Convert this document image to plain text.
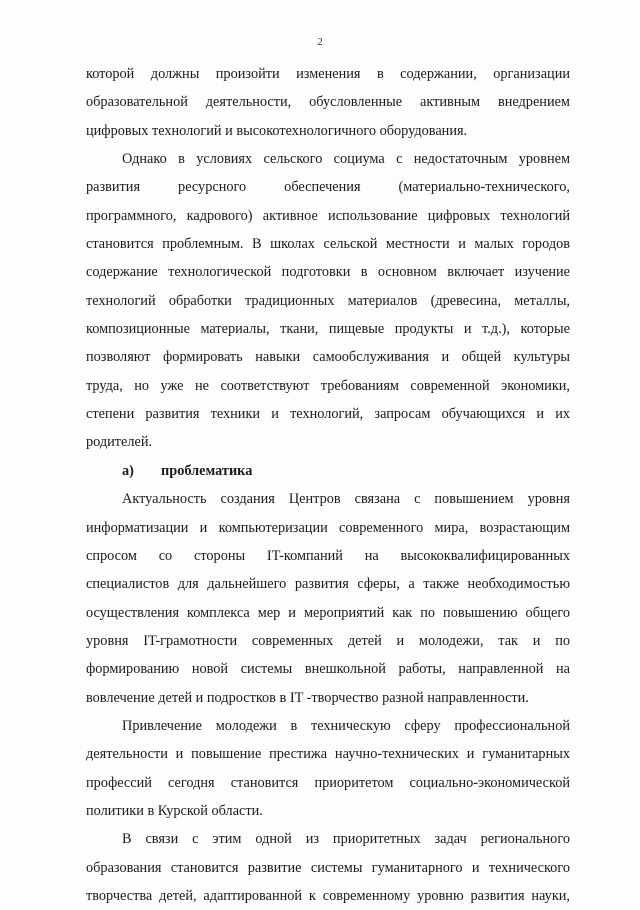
2
которой должны произойти изменения в содержании, организации
образовательной деятельности, обусловленные активным внедрением
цифровых технологий и высокотехнологичного оборудования.
Однако в условиях сельского социума с недостаточным уровнем
развития ресурсного обеспечения (материально-технического,
программного, кадрового) активное использование цифровых технологий
становится проблемным. В школах сельской местности и малых городов
содержание технологической подготовки в основном включает изучение
технологий обработки традиционных материалов (древесина, металлы,
композиционные материалы, ткани, пищевые продукты и т.д.), которые
позволяют формировать навыки самообслуживания и общей культуры
труда, но уже не соответствуют требованиям современной экономики,
степени развития техники и технологий, запросам обучающихся и их
родителей.
а) проблематика
Актуальность создания Центров связана с повышением уровня
информатизации и компьютеризации современного мира, возрастающим
спросом со стороны IT-компаний на высококвалифицированных
специалистов для дальнейшего развития сферы, а также необходимостью
осуществления комплекса мер и мероприятий как по повышению общего
уровня IT-грамотности современных детей и молодежи, так и по
формированию новой системы внешкольной работы, направленной на
вовлечение детей и подростков в IT -творчество разной направленности.
Привлечение молодежи в техническую сферу профессиональной
деятельности и повышение престижа научно-технических и гуманитарных
профессий сегодня становится приоритетом социально-экономической
политики в Курской области.
В связи с этим одной из приоритетных задач регионального
образования становится развитие системы гуманитарного и технического
творчества детей, адаптированной к современному уровню развития науки,
